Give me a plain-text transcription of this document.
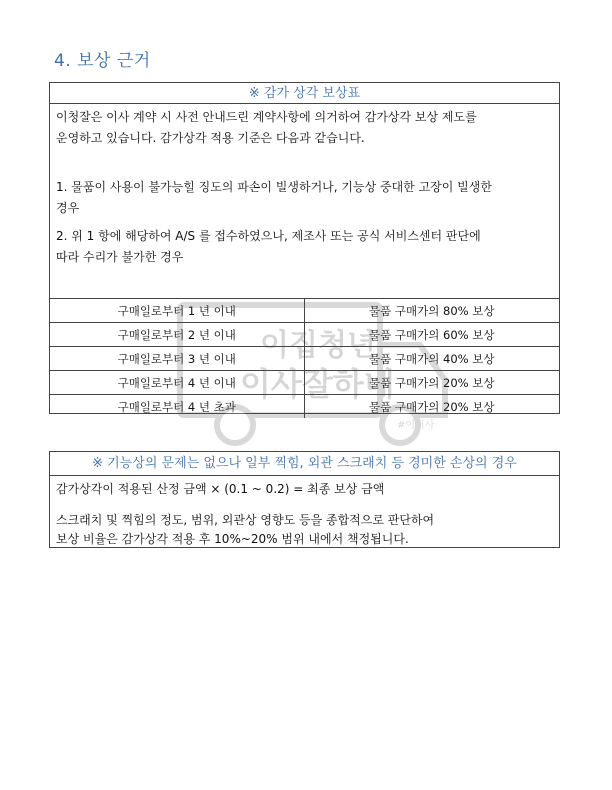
4. 보상 근거
※ 감가 상각 보상표

이청잘은 이사 계약 시 사전 안내드린 계약사항에 의거하여 감가상각 보상 제도를

운영하고 있습니다. 감가상각 적용 기준은 다음과 같습니다.

1. 물품이 사용이 불가능힐 징도의 파손이 빌생하거나, 기능상 중대한 고장이 빌생한

경우

2. 위 1 항에 해당하여 A/S 를 접수하였으나, 제조사 또는 공식 서비스센터 판단에

따라 수리가 불가한 경우

구매일로부터 1 년 이내	물품 구매가의 80% 보상
구매일로부터 2 년 이내	물품 구매가의 60% 보상
구매일로부터 3 년 이내	물품 구매가의 40% 보상
구매일로부터 4 년 이내	물품 구매가의 20% 보상
구매일로부터 4 년 초과	물품 구매가의 20% 보상
※ 기능상의 문제는 없으나 일부 찍힘, 외관 스크래치 등 경미한 손상의 경우
감가상각이 적용된 산정 금액 × (0.1 ~ 0.2) = 최종 보상 금액
스크래치 및 찍힘의 정도, 범위, 외관상 영향도 등을 종합적으로 판단하여
보상 비율은 감가상각 적용 후 10%~20% 범위 내에서 책정됩니다.
이집청년
이사잘하네
#이처사
